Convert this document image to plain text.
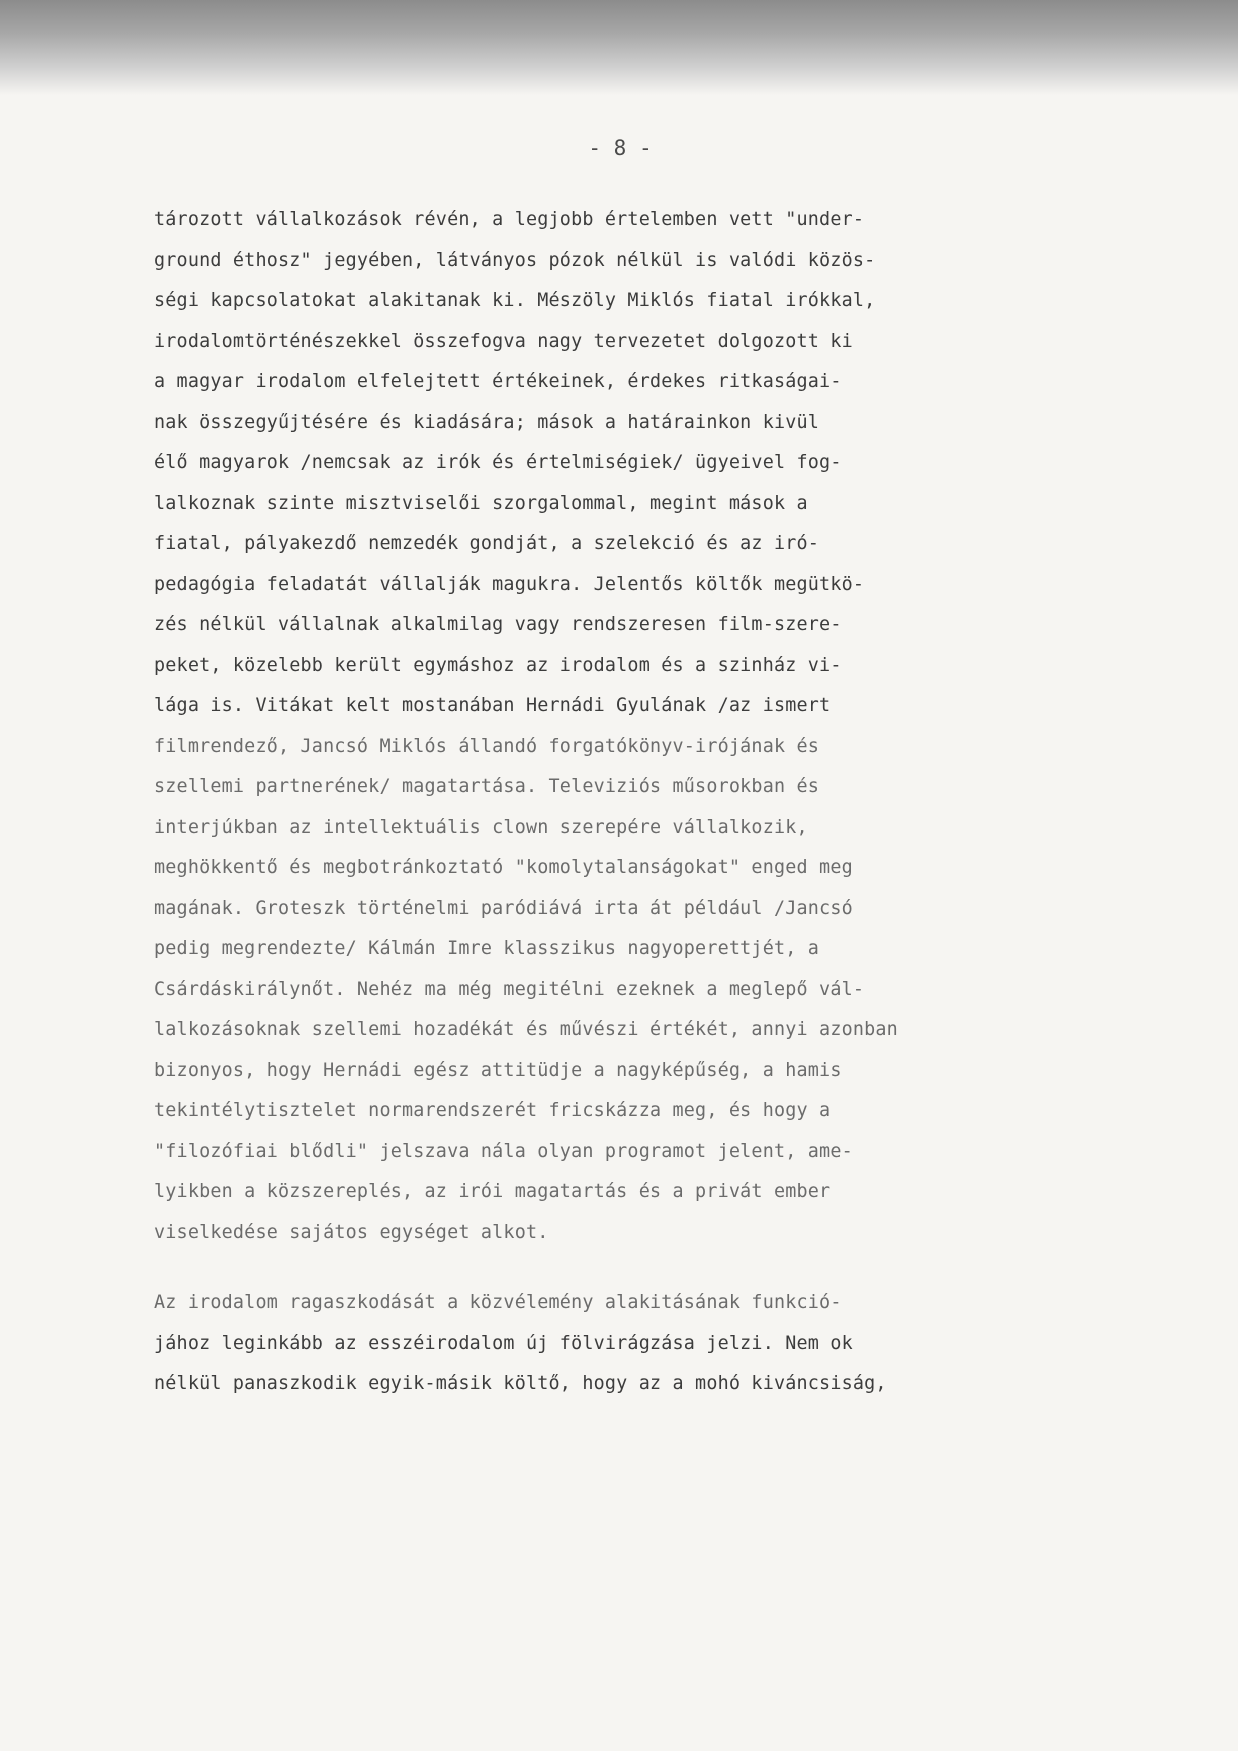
- 8 -
tározott vállalkozások révén, a legjobb értelemben vett "under-
ground éthosz" jegyében, látványos pózok nélkül is valódi közös-
ségi kapcsolatokat alakitanak ki. Mészöly Miklós fiatal irókkal,
irodalomtörténészekkel összefogva nagy tervezetet dolgozott ki
a magyar irodalom elfelejtett értékeinek, érdekes ritkaságai-
nak összegyűjtésére és kiadására; mások a határainkon kivül
élő magyarok /nemcsak az irók és értelmiségiek/ ügyeivel fog-
lalkoznak szinte misztviselői szorgalommal, megint mások a
fiatal, pályakezdő nemzedék gondját, a szelekció és az iró-
pedagógia feladatát vállalják magukra. Jelentős költők megütkö-
zés nélkül vállalnak alkalmilag vagy rendszeresen film-szere-
peket, közelebb került egymáshoz az irodalom és a szinház vi-
lága is. Vitákat kelt mostanában Hernádi Gyulának /az ismert
filmrendező, Jancsó Miklós állandó forgatókönyv-irójának és
szellemi partnerének/ magatartása. Televiziós műsorokban és
interjúkban az intellektuális clown szerepére vállalkozik,
meghökkentő és megbotránkoztató "komolytalanságokat" enged meg
magának. Groteszk történelmi paródiává irta át például /Jancsó
pedig megrendezte/ Kálmán Imre klasszikus nagyoperettjét, a
Csárdáskirálynőt. Nehéz ma még megitélni ezeknek a meglepő vál-
lalkozásoknak szellemi hozadékát és művészi értékét, annyi azonban
bizonyos, hogy Hernádi egész attitüdje a nagyképűség, a hamis
tekintélytisztelet normarendszerét fricskázza meg, és hogy a
"filozófiai blődli" jelszava nála olyan programot jelent, ame-
lyikben a közszereplés, az irói magatartás és a privát ember
viselkedése sajátos egységet alkot.
Az irodalom ragaszkodását a közvélemény alakitásának funkció-
jához leginkább az esszéirodalom új fölvirágzása jelzi. Nem ok
nélkül panaszkodik egyik-másik költő, hogy az a mohó kiváncsiság,
